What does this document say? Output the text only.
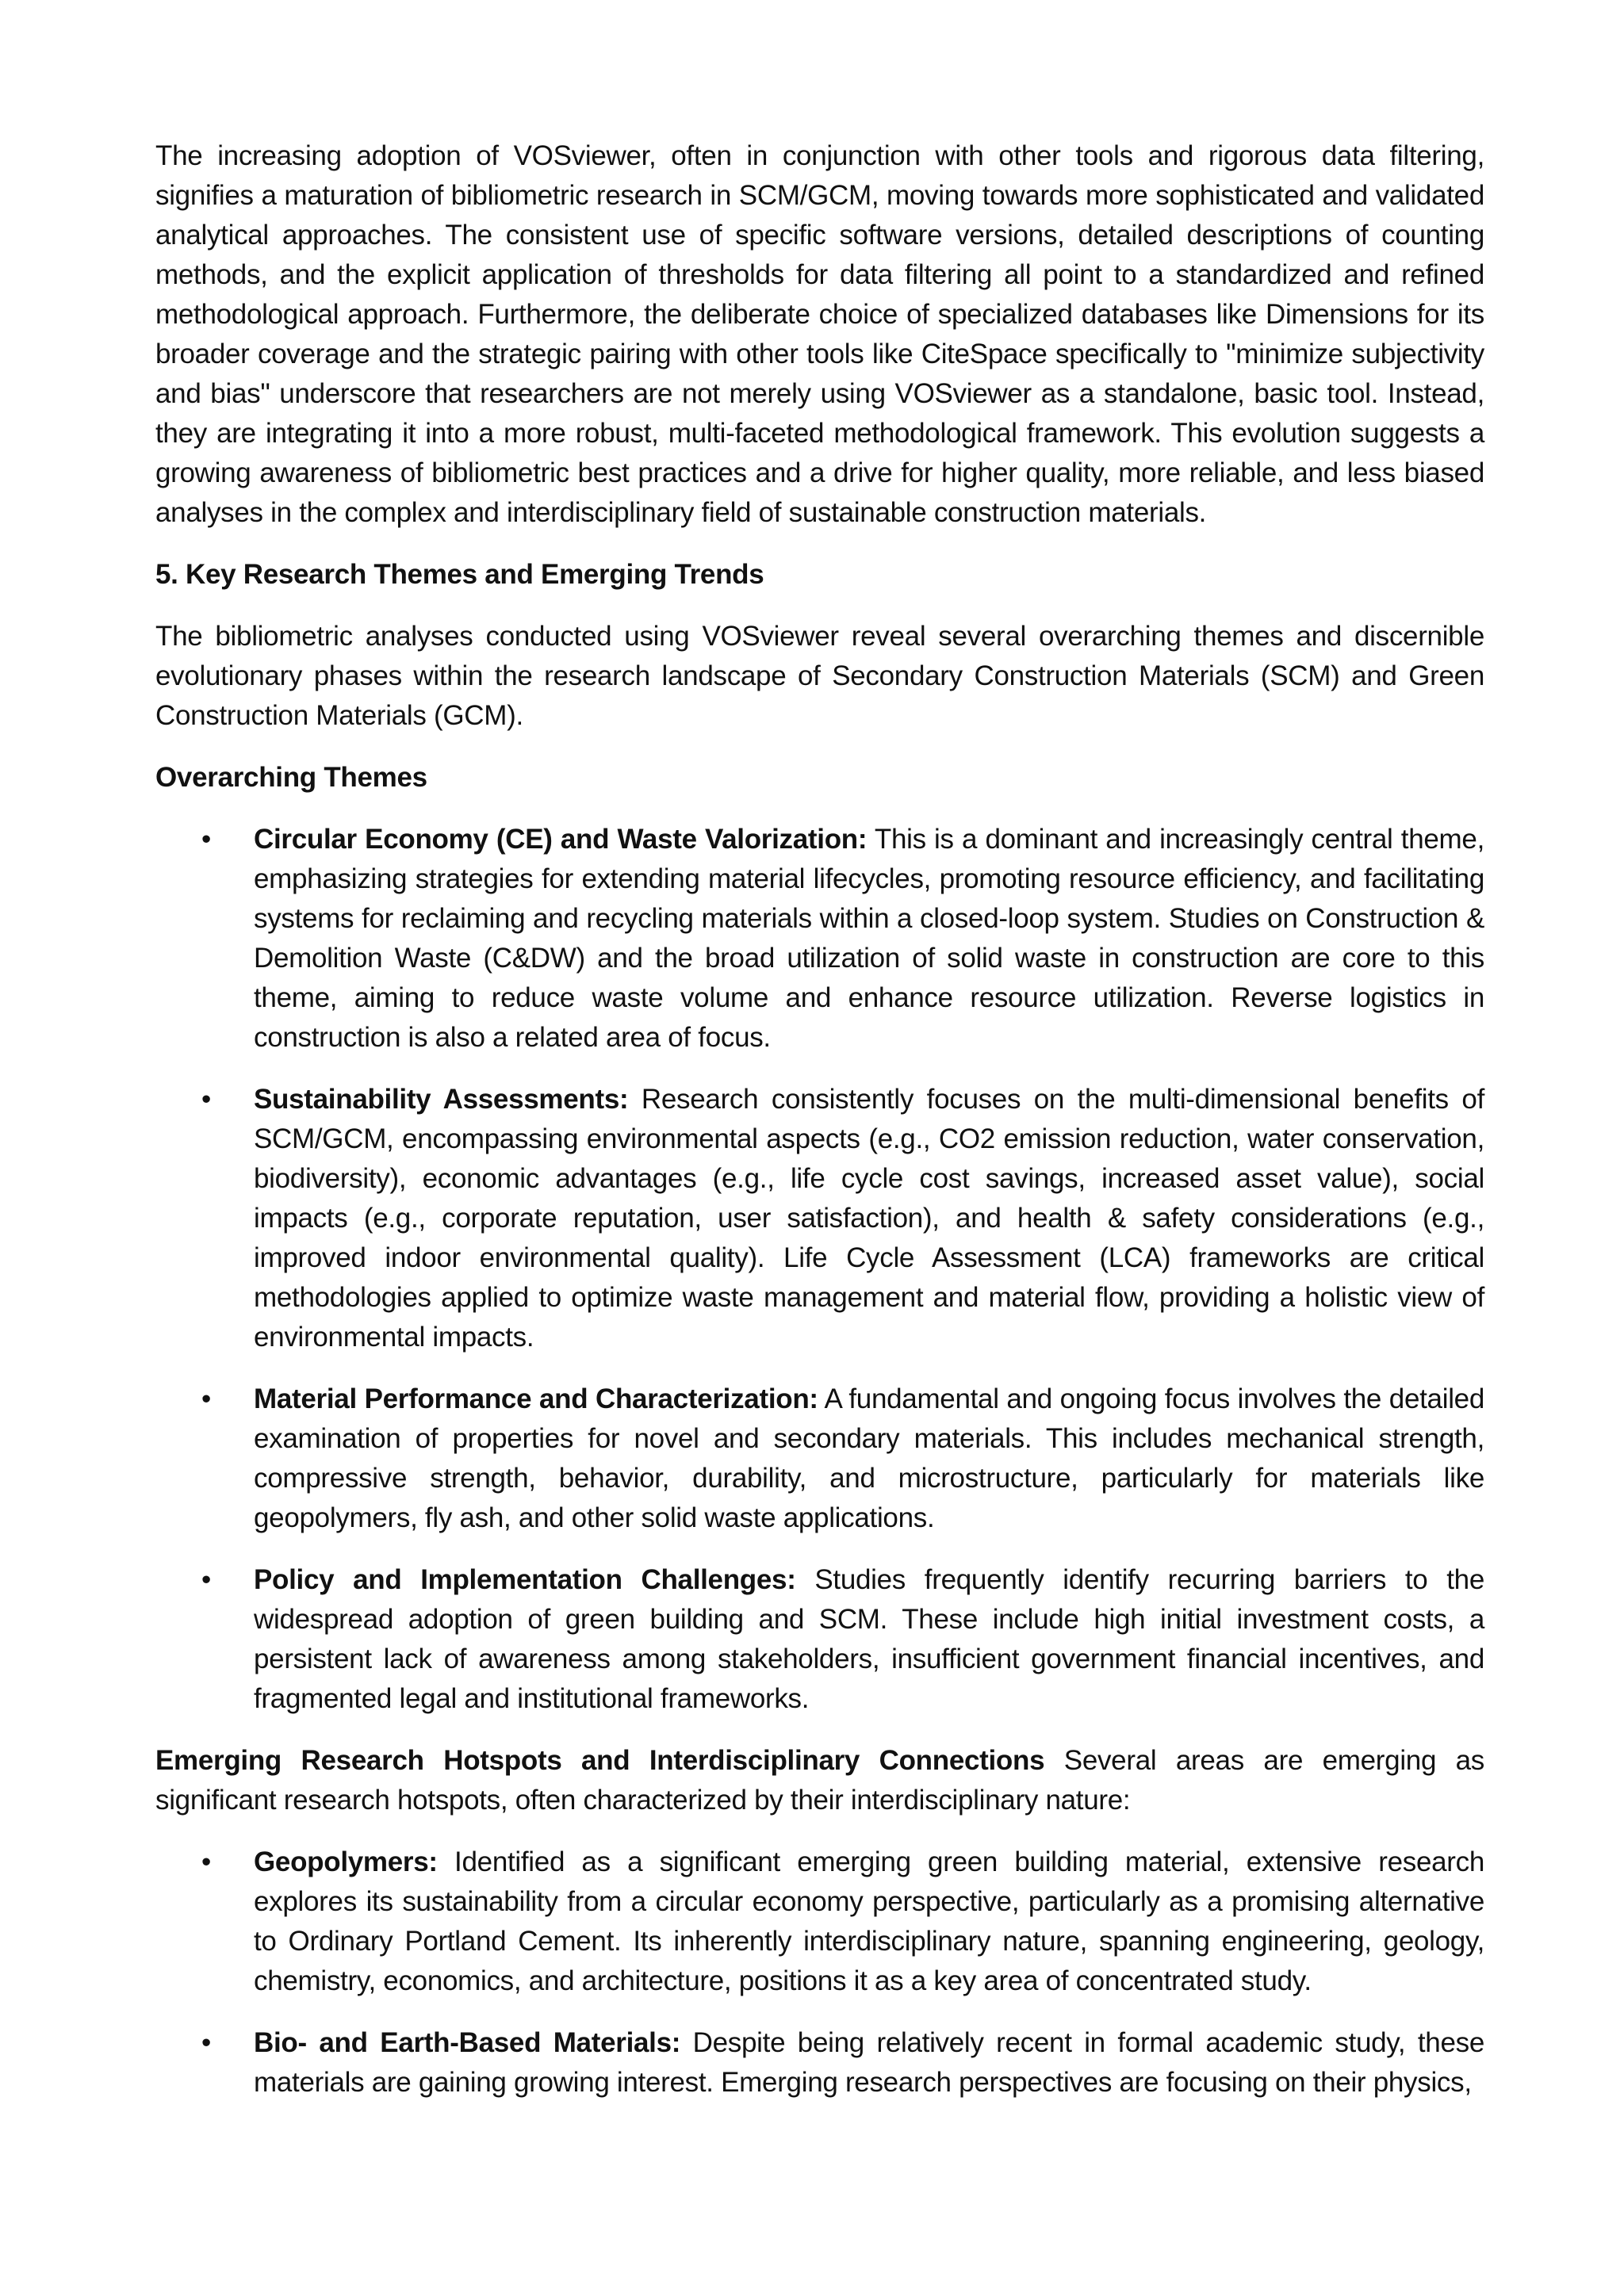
The increasing adoption of VOSviewer, often in conjunction with other tools and rigorous data filtering, signifies a maturation of bibliometric research in SCM/GCM, moving towards more sophisticated and validated analytical approaches. The consistent use of specific software versions, detailed descriptions of counting methods, and the explicit application of thresholds for data filtering all point to a standardized and refined methodological approach. Furthermore, the deliberate choice of specialized databases like Dimensions for its broader coverage and the strategic pairing with other tools like CiteSpace specifically to "minimize subjectivity and bias" underscore that researchers are not merely using VOSviewer as a standalone, basic tool. Instead, they are integrating it into a more robust, multi-faceted methodological framework. This evolution suggests a growing awareness of bibliometric best practices and a drive for higher quality, more reliable, and less biased analyses in the complex and interdisciplinary field of sustainable construction materials.

5. Key Research Themes and Emerging Trends

The bibliometric analyses conducted using VOSviewer reveal several overarching themes and discernible evolutionary phases within the research landscape of Secondary Construction Materials (SCM) and Green Construction Materials (GCM).

Overarching Themes

• Circular Economy (CE) and Waste Valorization: This is a dominant and increasingly central theme, emphasizing strategies for extending material lifecycles, promoting resource efficiency, and facilitating systems for reclaiming and recycling materials within a closed-loop system. Studies on Construction & Demolition Waste (C&DW) and the broad utilization of solid waste in construction are core to this theme, aiming to reduce waste volume and enhance resource utilization. Reverse logistics in construction is also a related area of focus.
• Sustainability Assessments: Research consistently focuses on the multi-dimensional benefits of SCM/GCM, encompassing environmental aspects (e.g., CO2 emission reduction, water conservation, biodiversity), economic advantages (e.g., life cycle cost savings, increased asset value), social impacts (e.g., corporate reputation, user satisfaction), and health & safety considerations (e.g., improved indoor environmental quality). Life Cycle Assessment (LCA) frameworks are critical methodologies applied to optimize waste management and material flow, providing a holistic view of environmental impacts.
• Material Performance and Characterization: A fundamental and ongoing focus involves the detailed examination of properties for novel and secondary materials. This includes mechanical strength, compressive strength, behavior, durability, and microstructure, particularly for materials like geopolymers, fly ash, and other solid waste applications.
• Policy and Implementation Challenges: Studies frequently identify recurring barriers to the widespread adoption of green building and SCM. These include high initial investment costs, a persistent lack of awareness among stakeholders, insufficient government financial incentives, and fragmented legal and institutional frameworks.

Emerging Research Hotspots and Interdisciplinary Connections Several areas are emerging as significant research hotspots, often characterized by their interdisciplinary nature:

• Geopolymers: Identified as a significant emerging green building material, extensive research explores its sustainability from a circular economy perspective, particularly as a promising alternative to Ordinary Portland Cement. Its inherently interdisciplinary nature, spanning engineering, geology, chemistry, economics, and architecture, positions it as a key area of concentrated study.
• Bio- and Earth-Based Materials: Despite being relatively recent in formal academic study, these materials are gaining growing interest. Emerging research perspectives are focusing on their physics,
